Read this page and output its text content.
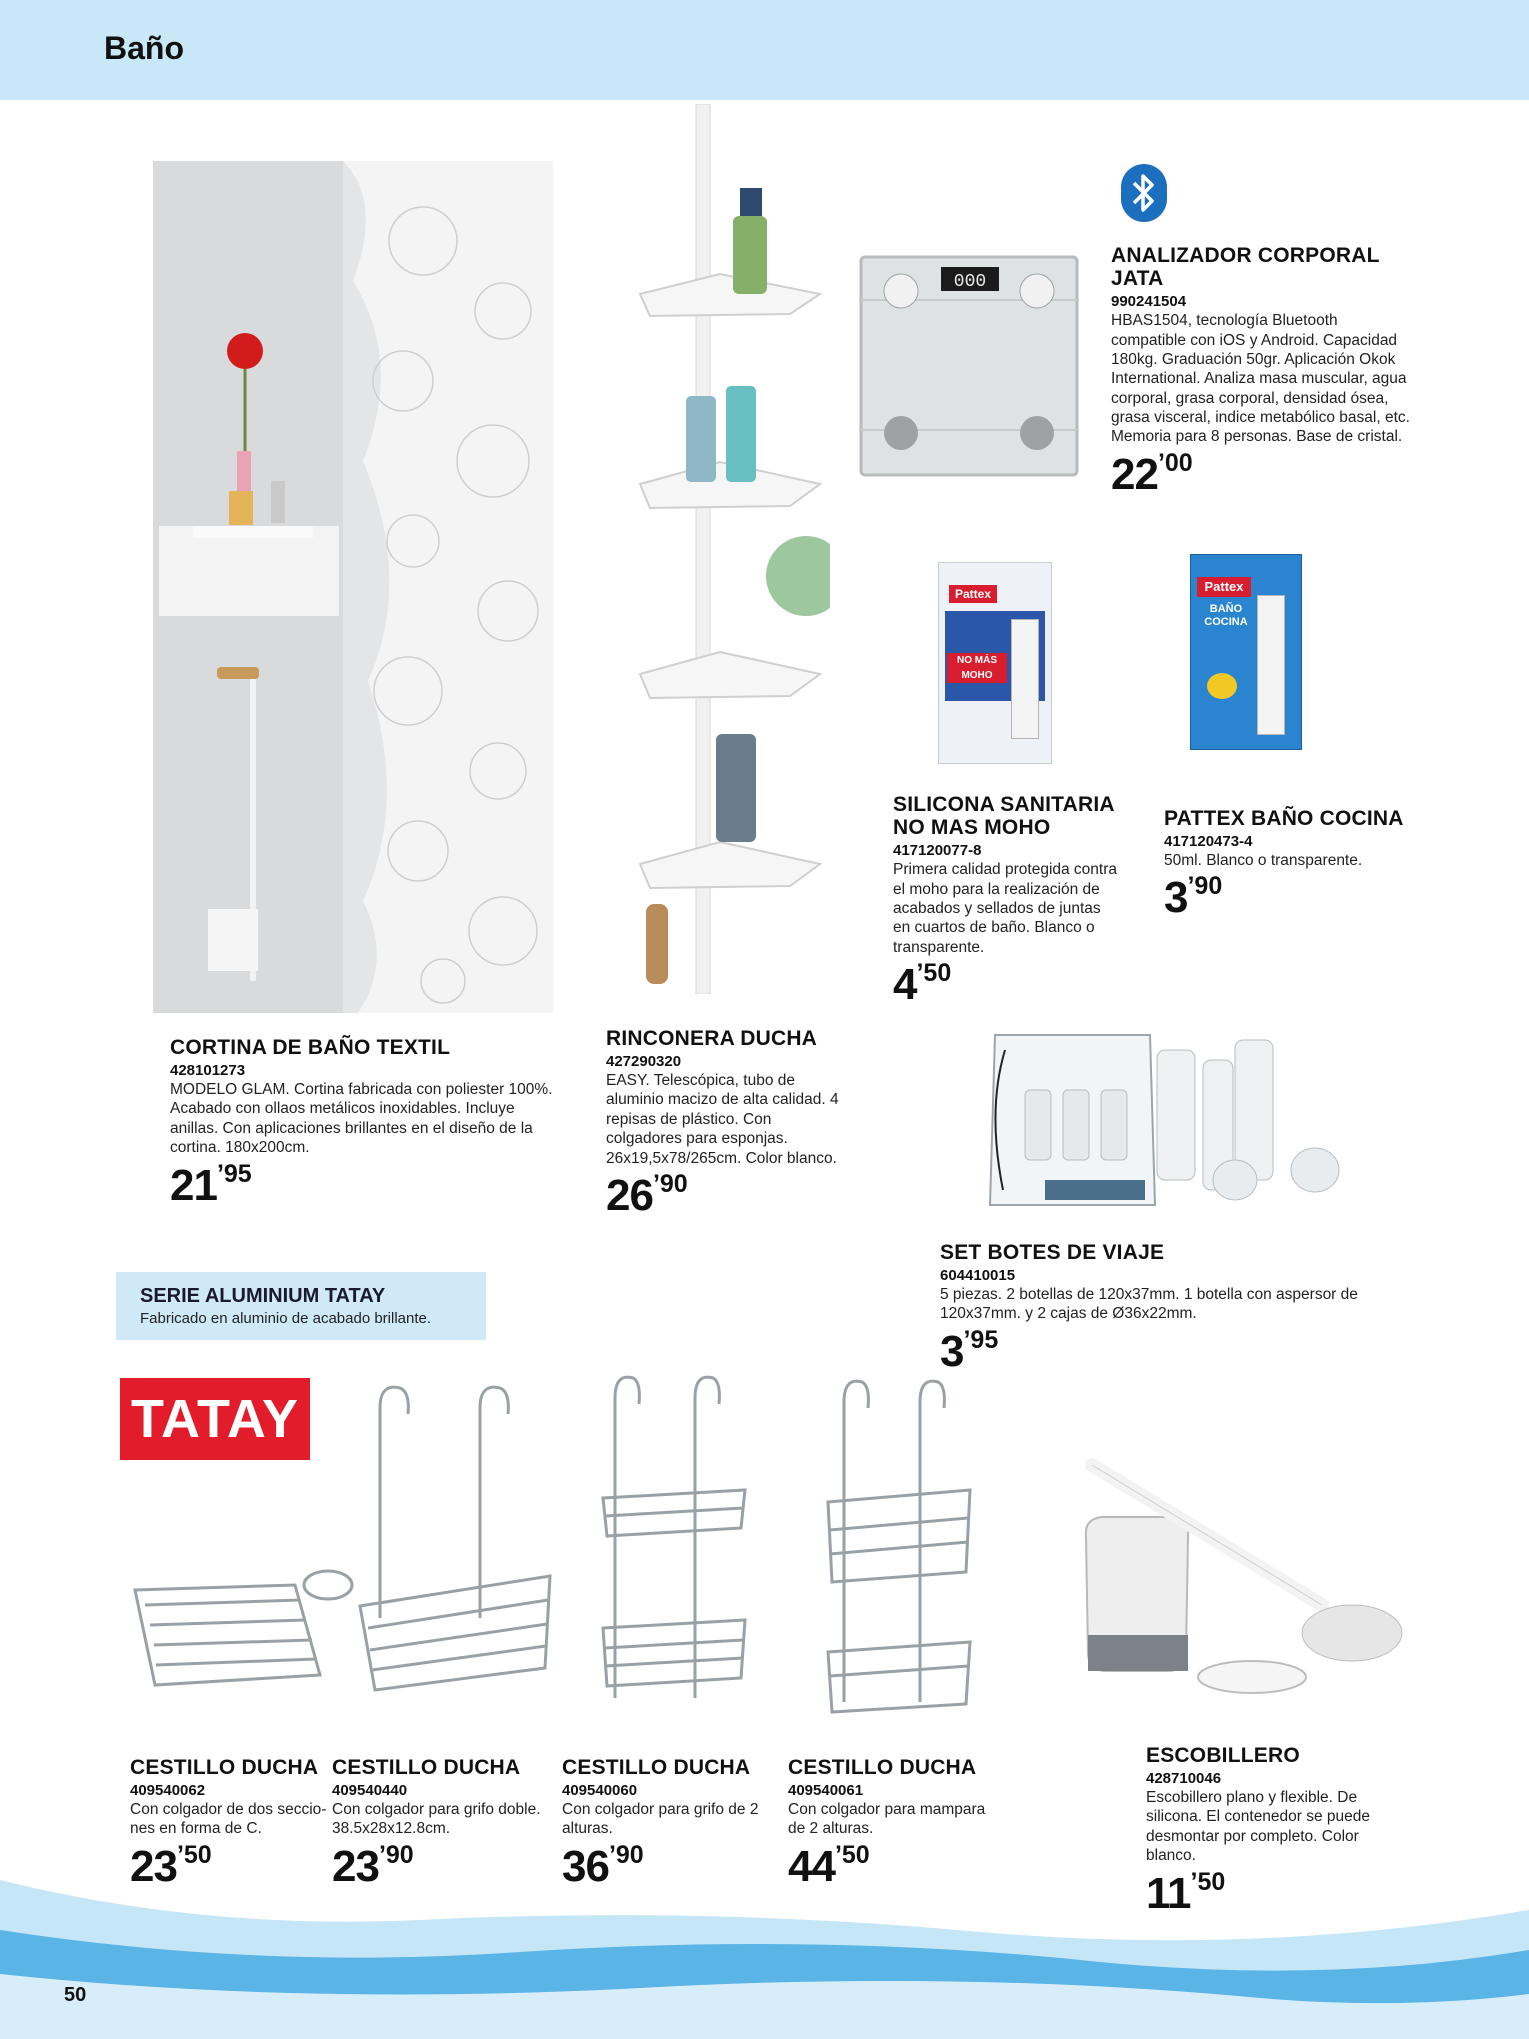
Baño
000
Pattex
NO MÁS MOHO
Pattex
BAÑO COCINA
CORTINA DE BAÑO TEXTIL
428101273
MODELO GLAM. Cortina fabricada con poliester 100%. Acabado con ollaos metálicos inoxidables. Incluye anillas. Con aplicaciones brillantes en el diseño de la cortina. 180x200cm.
21’95
RINCONERA DUCHA
427290320
EASY. Telescópica, tubo de aluminio macizo de alta calidad. 4 repisas de plástico. Con colgadores para esponjas. 26x19,5x78/265cm. Color blanco.
26’90
ANALIZADOR CORPORAL JATA
990241504
HBAS1504, tecnología Bluetooth compatible con iOS y Android. Capacidad 180kg. Graduación 50gr. Aplicación Okok International. Analiza masa muscular, agua corporal, grasa corporal, densidad ósea, grasa visceral, indice metabólico basal, etc. Memoria para 8 personas. Base de cristal.
22’00
SILICONA SANITARIA NO MAS MOHO
417120077-8
Primera calidad protegida contra el moho para la realización de acabados y sellados de juntas en cuartos de baño. Blanco o transparente.
4’50
PATTEX BAÑO COCINA
417120473-4
50ml. Blanco o transparente.
3’90
SET BOTES DE VIAJE
604410015
5 piezas. 2 botellas de 120x37mm. 1 botella con aspersor de 120x37mm. y 2 cajas de Ø36x22mm.
3’95
SERIE ALUMINIUM TATAY
Fabricado en aluminio de acabado brillante.
TATAY
CESTILLO DUCHA
409540062
Con colgador de dos seccio- nes en forma de C.
23’50
CESTILLO DUCHA
409540440
Con colgador para grifo doble. 38.5x28x12.8cm.
23’90
CESTILLO DUCHA
409540060
Con colgador para grifo de 2 alturas.
36’90
CESTILLO DUCHA
409540061
Con colgador para mampara de 2 alturas.
44’50
ESCOBILLERO
428710046
Escobillero plano y flexible. De silicona. El contenedor se puede desmontar por completo. Color blanco.
11’50
50
